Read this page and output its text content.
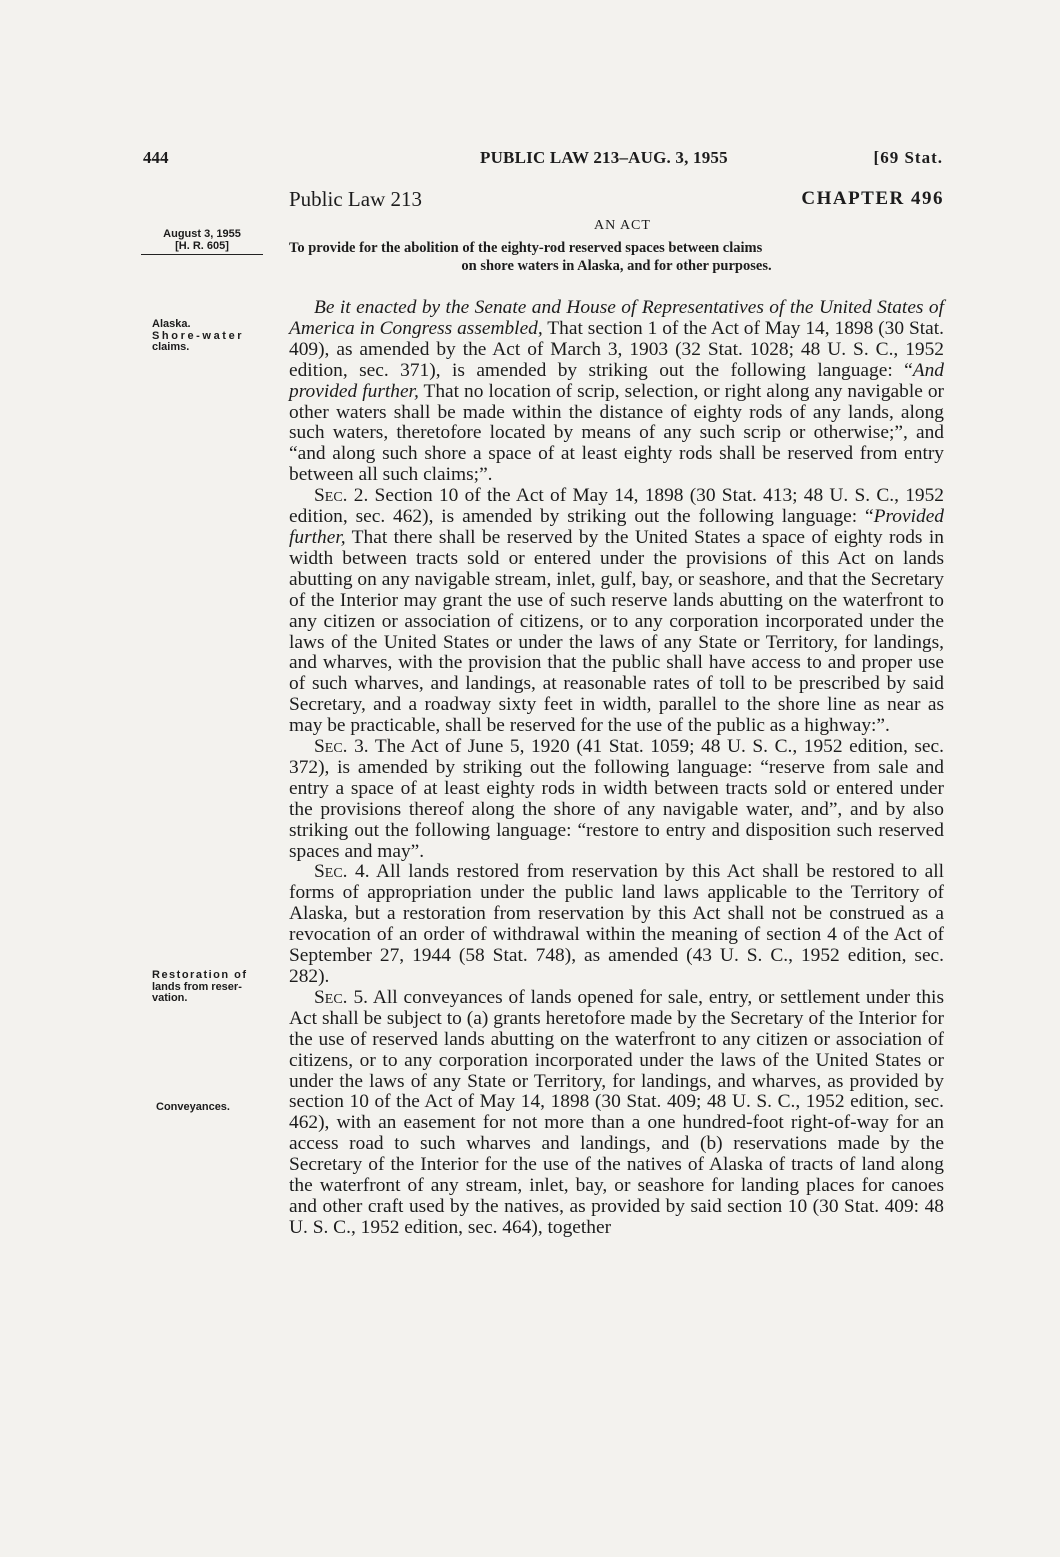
444	PUBLIC LAW 213–AUG. 3, 1955	[69 Stat.
Public Law 213	CHAPTER 496
AN ACT
To provide for the abolition of the eighty-rod reserved spaces between claims
on shore waters in Alaska, and for other purposes.
August 3, 1955
[H. R. 605]
Alaska.
Shore-water
claims.
Restoration of
lands from reser-
vation.
Conveyances.

Be it enacted by the Senate and House of Representatives of the United States of America in Congress assembled, That section 1 of the Act of May 14, 1898 (30 Stat. 409), as amended by the Act of March 3, 1903 (32 Stat. 1028; 48 U. S. C., 1952 edition, sec. 371), is amended by striking out the following language: “And provided further, That no location of scrip, selection, or right along any navigable or other waters shall be made within the distance of eighty rods of any lands, along such waters, theretofore located by means of any such scrip or otherwise;”, and “and along such shore a space of at least eighty rods shall be reserved from entry between all such claims;”.

Sec. 2. Section 10 of the Act of May 14, 1898 (30 Stat. 413; 48 U. S. C., 1952 edition, sec. 462), is amended by striking out the following language: “Provided further, That there shall be reserved by the United States a space of eighty rods in width between tracts sold or entered under the provisions of this Act on lands abutting on any navigable stream, inlet, gulf, bay, or seashore, and that the Secretary of the Interior may grant the use of such reserve lands abutting on the waterfront to any citizen or association of citizens, or to any corporation incorporated under the laws of the United States or under the laws of any State or Territory, for landings, and wharves, with the provision that the public shall have access to and proper use of such wharves, and landings, at reasonable rates of toll to be prescribed by said Secretary, and a roadway sixty feet in width, parallel to the shore line as near as may be practicable, shall be reserved for the use of the public as a highway:”.

Sec. 3. The Act of June 5, 1920 (41 Stat. 1059; 48 U. S. C., 1952 edition, sec. 372), is amended by striking out the following language: “reserve from sale and entry a space of at least eighty rods in width between tracts sold or entered under the provisions thereof along the shore of any navigable water, and”, and by also striking out the following language: “restore to entry and disposition such reserved spaces and may”.

Sec. 4. All lands restored from reservation by this Act shall be restored to all forms of appropriation under the public land laws applicable to the Territory of Alaska, but a restoration from reservation by this Act shall not be construed as a revocation of an order of withdrawal within the meaning of section 4 of the Act of September 27, 1944 (58 Stat. 748), as amended (43 U. S. C., 1952 edition, sec. 282).

Sec. 5. All conveyances of lands opened for sale, entry, or settlement under this Act shall be subject to (a) grants heretofore made by the Secretary of the Interior for the use of reserved lands abutting on the waterfront to any citizen or association of citizens, or to any corporation incorporated under the laws of the United States or under the laws of any State or Territory, for landings, and wharves, as provided by section 10 of the Act of May 14, 1898 (30 Stat. 409; 48 U. S. C., 1952 edition, sec. 462), with an easement for not more than a one hundred-foot right-of-way for an access road to such wharves and landings, and (b) reservations made by the Secretary of the Interior for the use of the natives of Alaska of tracts of land along the waterfront of any stream, inlet, bay, or seashore for landing places for canoes and other craft used by the natives, as provided by said section 10 (30 Stat. 409: 48 U. S. C., 1952 edition, sec. 464), together
